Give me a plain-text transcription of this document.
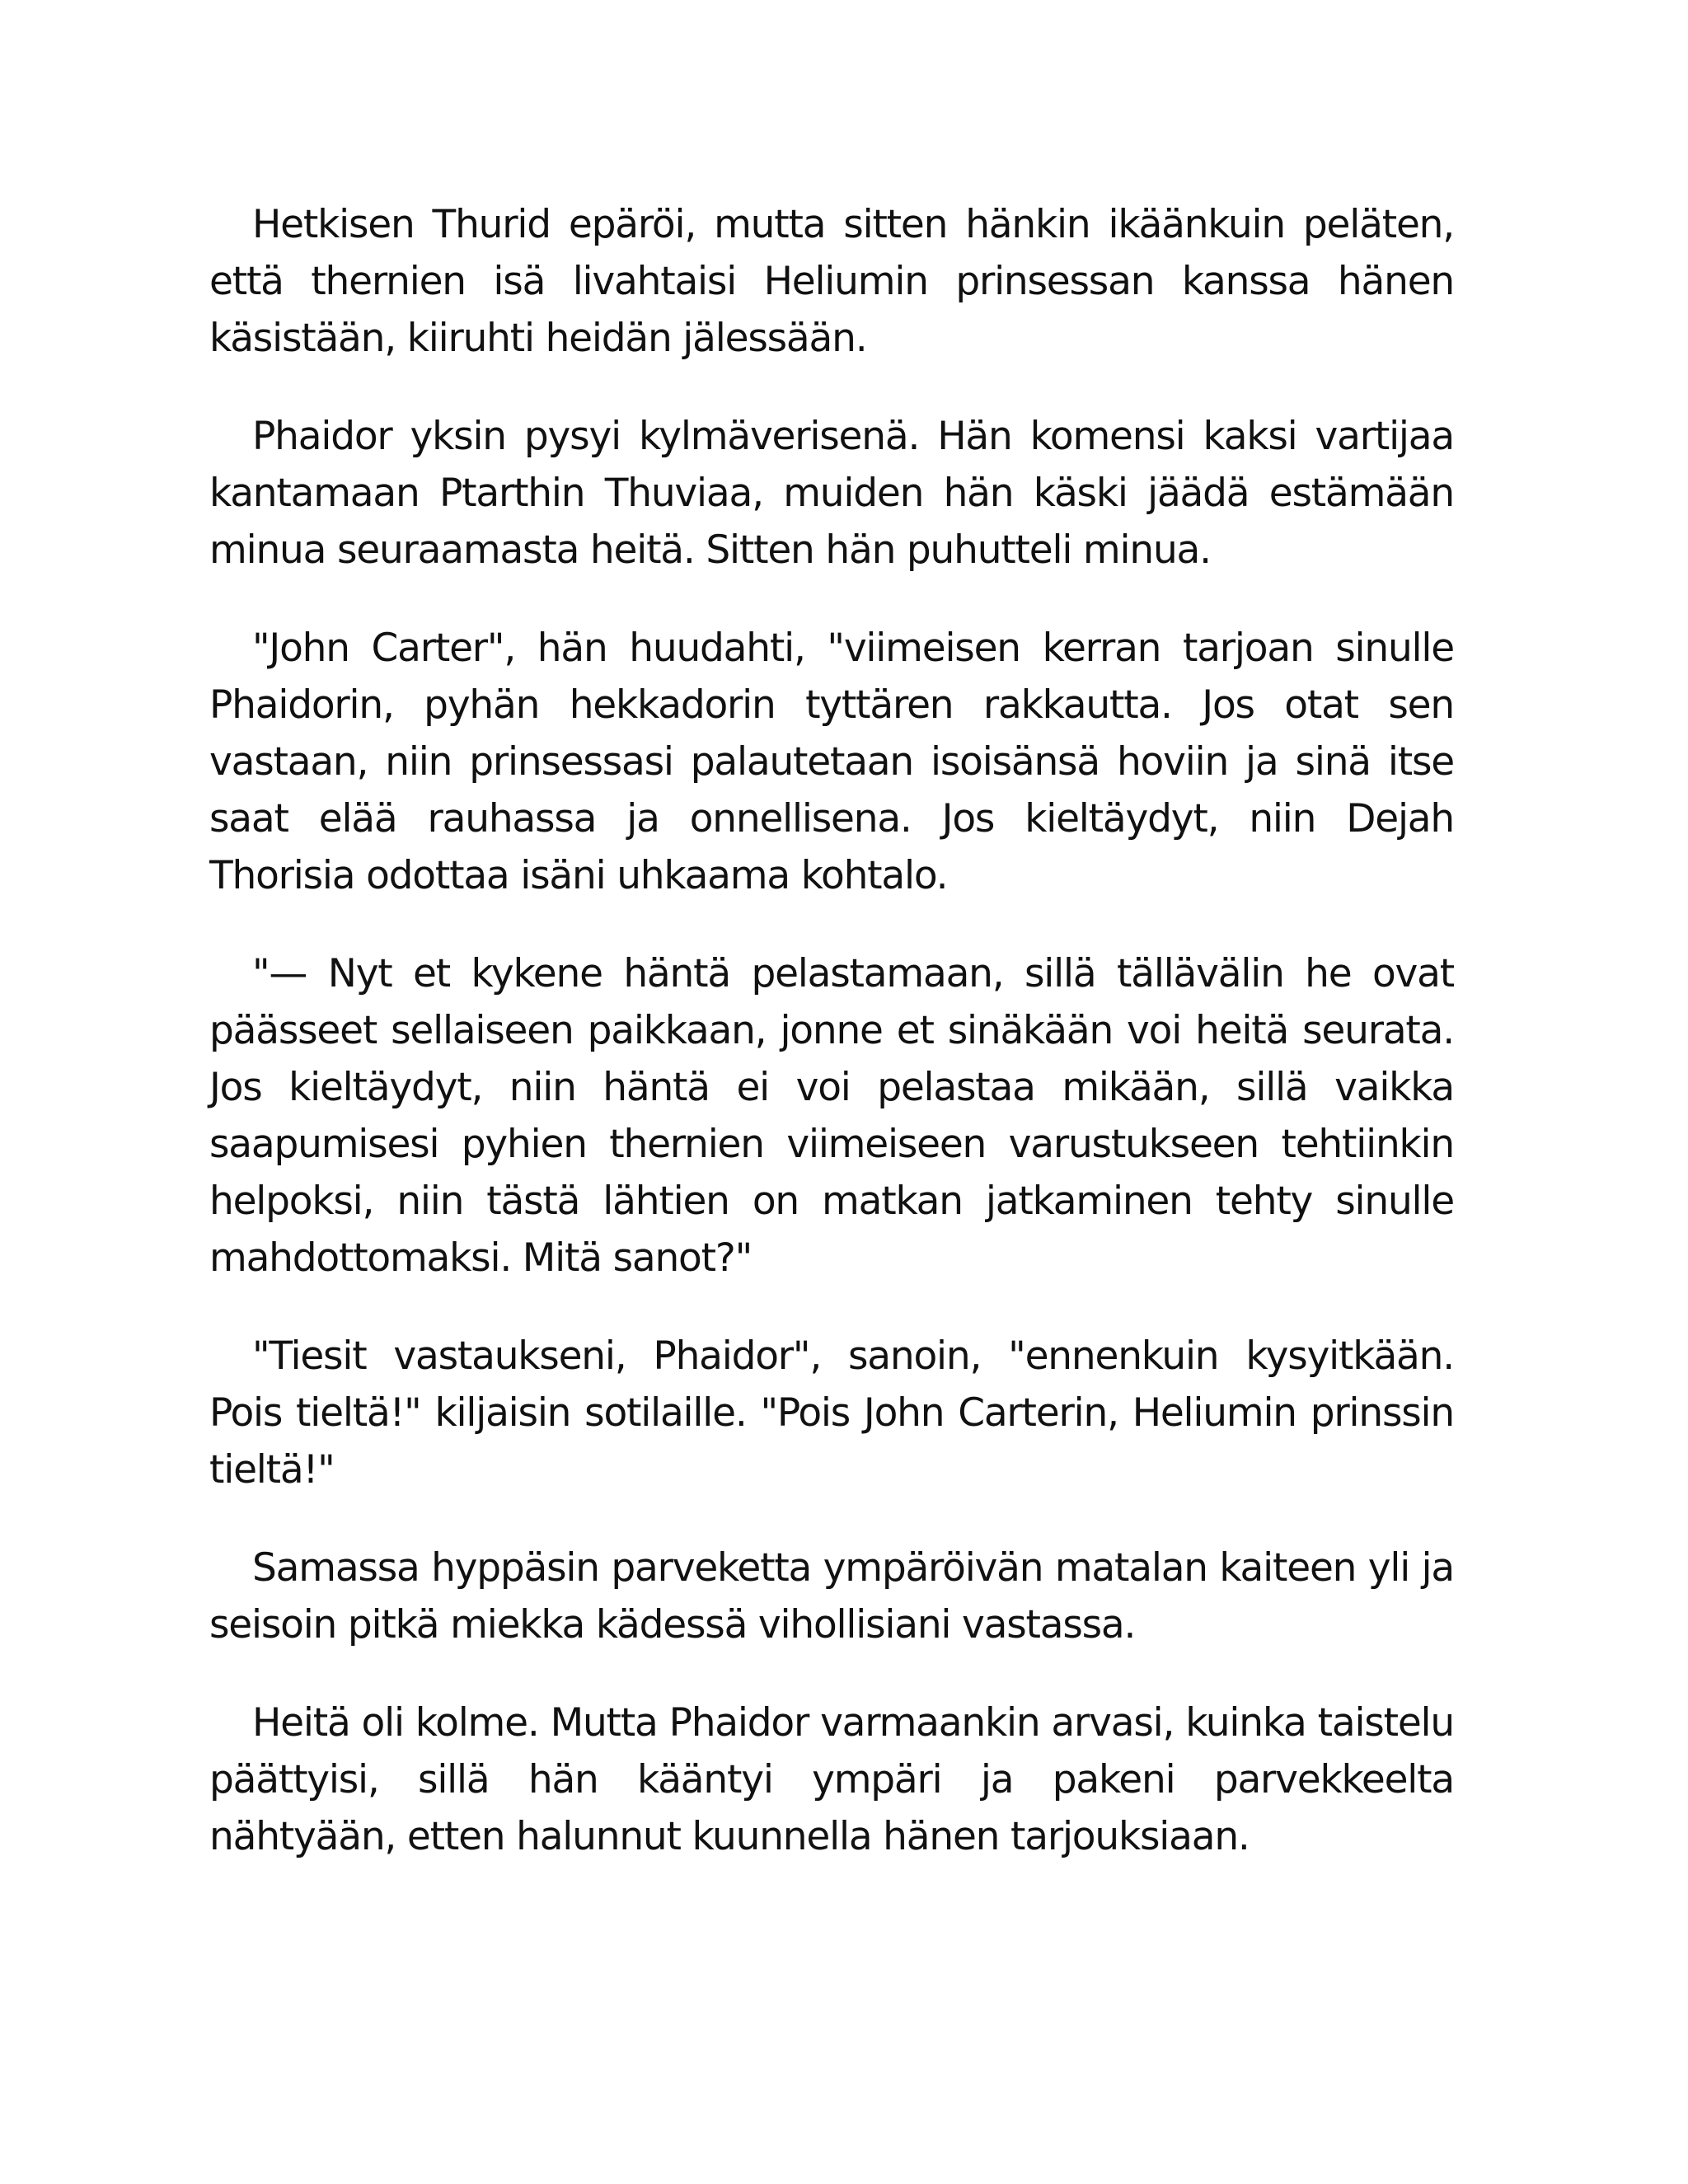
Hetkisen Thurid epäröi, mutta sitten hänkin ikäänkuin peläten, että thernien isä livahtaisi Heliumin prinsessan kanssa hänen käsistään, kiiruhti heidän jälessään.

Phaidor yksin pysyi kylmäverisenä. Hän komensi kaksi vartijaa kantamaan Ptarthin Thuviaa, muiden hän käski jäädä estämään minua seuraamasta heitä. Sitten hän puhutteli minua.

"John Carter", hän huudahti, "viimeisen kerran tarjoan sinulle Phaidorin, pyhän hekkadorin tyttären rakkautta. Jos otat sen vastaan, niin prinsessasi palautetaan isoisänsä hoviin ja sinä itse saat elää rauhassa ja onnellisena. Jos kieltäydyt, niin Dejah Thorisia odottaa isäni uhkaama kohtalo.

"— Nyt et kykene häntä pelastamaan, sillä tällävälin he ovat päässeet sellaiseen paikkaan, jonne et sinäkään voi heitä seurata. Jos kieltäydyt, niin häntä ei voi pelastaa mikään, sillä vaikka saapumisesi pyhien thernien viimeiseen varustukseen tehtiinkin helpoksi, niin tästä lähtien on matkan jatkaminen tehty sinulle mahdottomaksi. Mitä sanot?"

"Tiesit vastaukseni, Phaidor", sanoin, "ennenkuin kysyitkään. Pois tieltä!" kiljaisin sotilaille. "Pois John Carterin, Heliumin prinssin tieltä!"

Samassa hyppäsin parveketta ympäröivän matalan kaiteen yli ja seisoin pitkä miekka kädessä vihollisiani vastassa.

Heitä oli kolme. Mutta Phaidor varmaankin arvasi, kuinka taistelu päättyisi, sillä hän kääntyi ympäri ja pakeni parvekkeelta nähtyään, etten halunnut kuunnella hänen tarjouksiaan.
